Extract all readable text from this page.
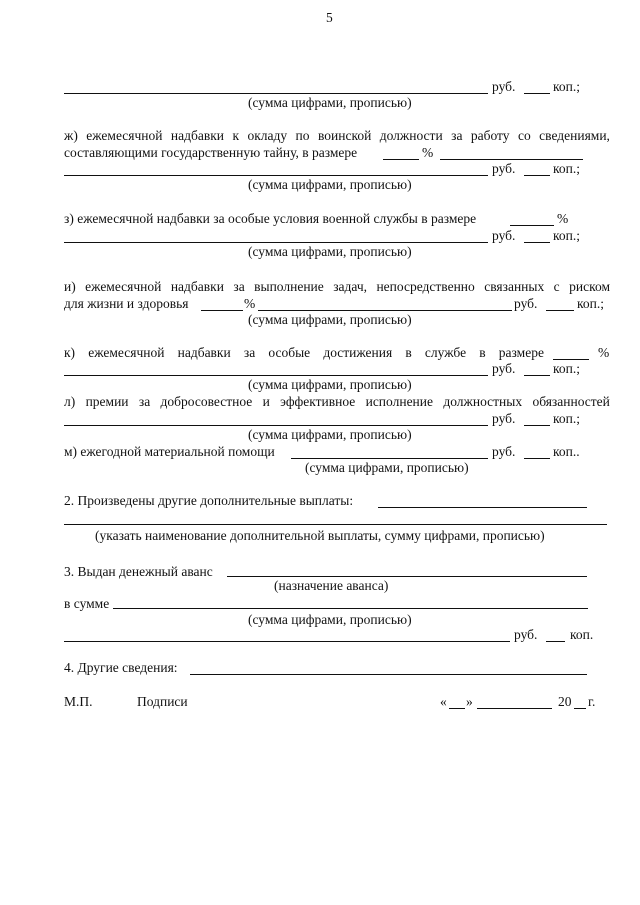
5
руб.	коп.;
(сумма цифрами, прописью)
ж) ежемесячной надбавки к окладу по воинской должности за работу со сведениями,
составляющими государственную тайну, в размере	%
руб.	коп.;
(сумма цифрами, прописью)
з) ежемесячной надбавки за особые условия военной службы в размере	%
руб.	коп.;
(сумма цифрами, прописью)
и) ежемесячной надбавки за выполнение задач, непосредственно связанных с риском
для жизни и здоровья	%	руб.	коп.;
(сумма цифрами, прописью)
к) ежемесячной надбавки за особые достижения в службе в размере	%
руб.	коп.;
(сумма цифрами, прописью)
л) премии за добросовестное и эффективное исполнение должностных обязанностей
руб.	коп.;
(сумма цифрами, прописью)
м) ежегодной материальной помощи	руб.	коп..
(сумма цифрами, прописью)
2. Произведены другие дополнительные выплаты:
(указать наименование дополнительной выплаты, сумму цифрами, прописью)
3. Выдан денежный аванс
(назначение аванса)
в сумме
(сумма цифрами, прописью)
руб. коп.
4. Другие сведения:
М.П.	Подписи	« »	20 г.
